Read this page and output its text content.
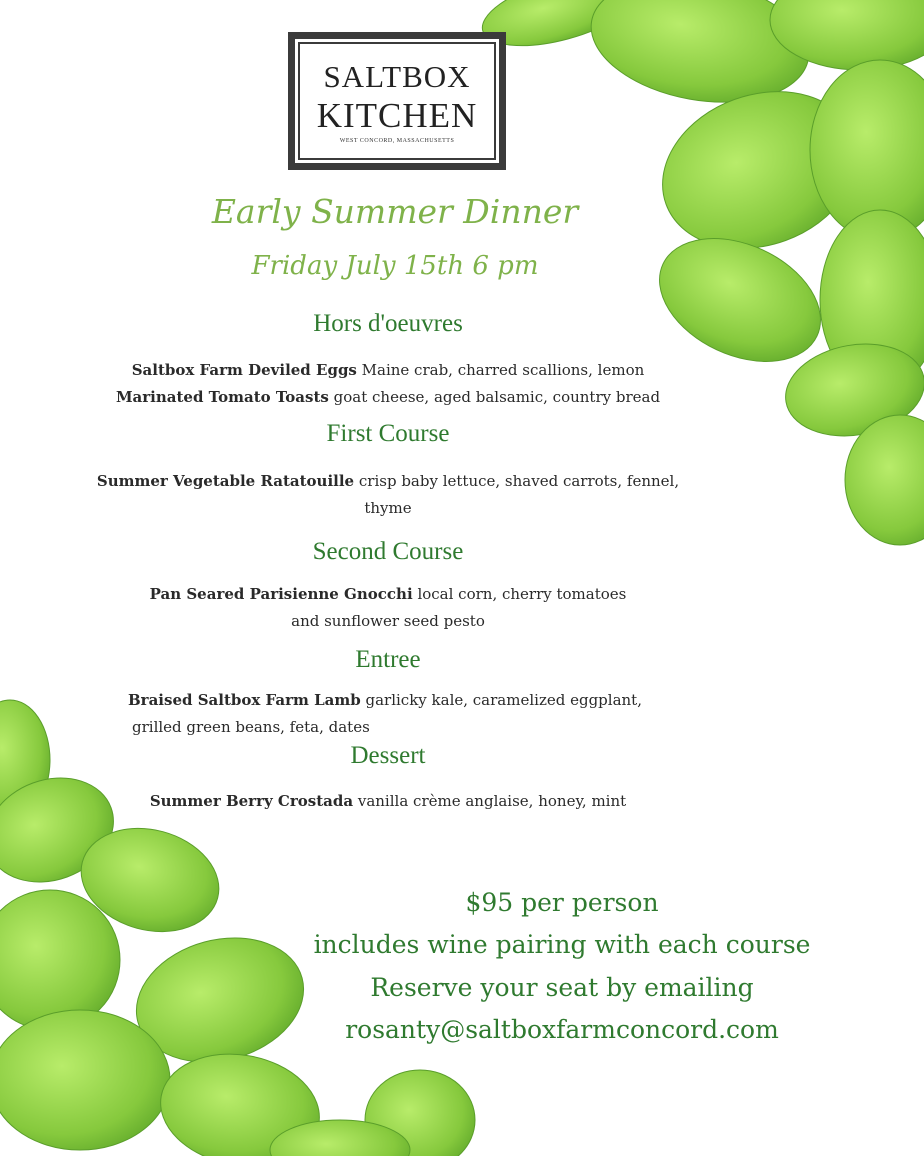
SALTBOX
KITCHEN
WEST CONCORD, MASSACHUSETTS
Early Summer Dinner
Friday July 15th 6 pm
Hors d'oeuvres
Saltbox Farm Deviled Eggs Maine crab, charred scallions, lemon
Marinated Tomato Toasts goat cheese, aged balsamic, country bread
First Course
Summer Vegetable Ratatouille crisp baby lettuce, shaved carrots, fennel,
thyme
Second Course
Pan Seared Parisienne Gnocchi local corn, cherry tomatoes
and sunflower seed pesto
Entree
Braised Saltbox Farm Lamb garlicky kale, caramelized eggplant,
grilled green beans, feta, dates
Dessert
Summer Berry Crostada vanilla crème anglaise, honey, mint
$95 per person
includes wine pairing with each course
Reserve your seat by emailing
rosanty@saltboxfarmconcord.com
